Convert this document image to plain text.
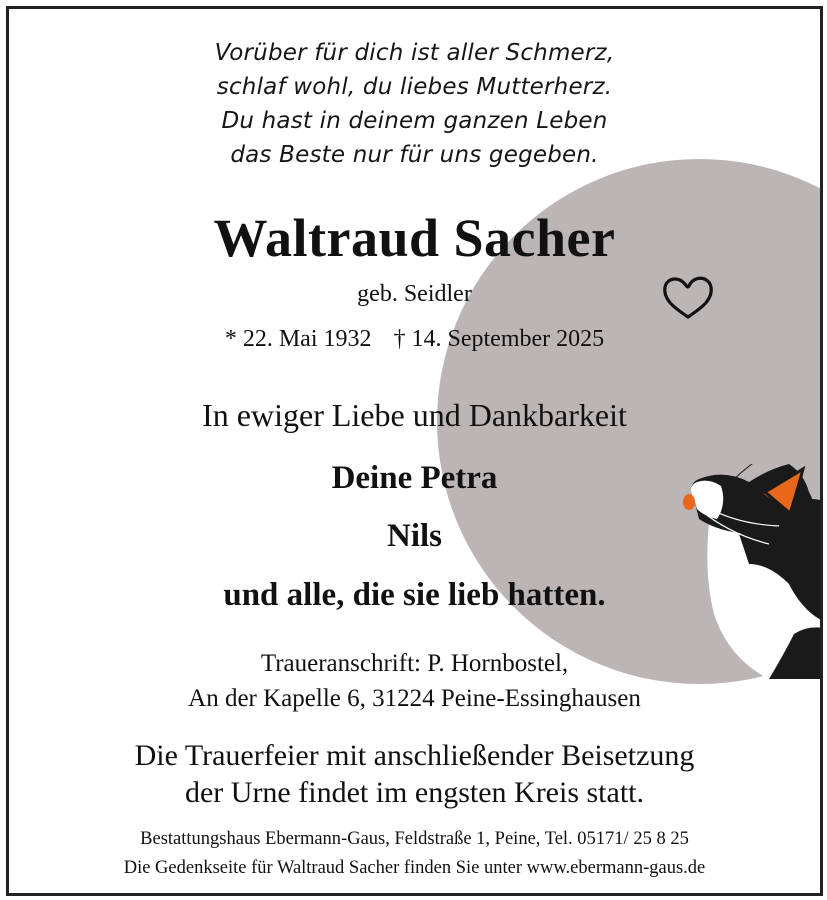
Vorüber für dich ist aller Schmerz,
schlaf wohl, du liebes Mutterherz.
Du hast in deinem ganzen Leben
das Beste nur für uns gegeben.
Waltraud Sacher
geb. Seidler
* 22. Mai 1932 † 14. September 2025
In ewiger Liebe und Dankbarkeit
Deine Petra
Nils
und alle, die sie lieb hatten.
Traueranschrift: P. Hornbostel,
An der Kapelle 6, 31224 Peine-Essinghausen
Die Trauerfeier mit anschließender Beisetzung
der Urne findet im engsten Kreis statt.
Bestattungshaus Ebermann-Gaus, Feldstraße 1, Peine, Tel. 05171/ 25 8 25
Die Gedenkseite für Waltraud Sacher finden Sie unter www.ebermann-gaus.de
